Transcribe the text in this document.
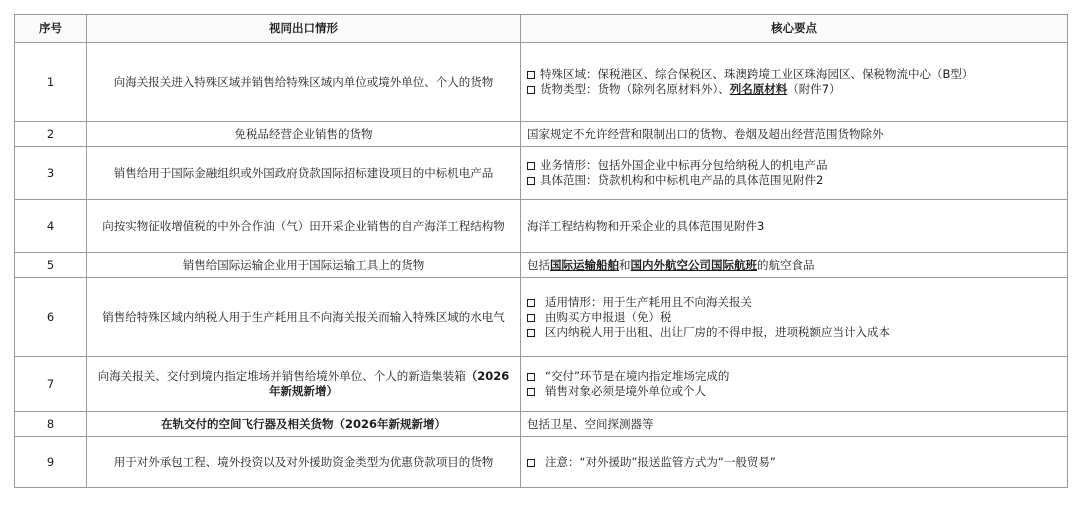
序号	视同出口情形	核心要点
1	向海关报关进入特殊区域并销售给特殊区域内单位或境外单位、个人的货物	特殊区域：保税港区、综合保税区、珠澳跨境工业区珠海园区、保税物流中心（B型）
货物类型：货物（除列名原材料外）、列名原材料（附件7）

2	免税品经营企业销售的货物	国家规定不允许经营和限制出口的货物、卷烟及超出经营范围货物除外
3	销售给用于国际金融组织或外国政府贷款国际招标建设项目的中标机电产品	业务情形：包括外国企业中标再分包给纳税人的机电产品
具体范围：贷款机构和中标机电产品的具体范围见附件2

4	向按实物征收增值税的中外合作油（气）田开采企业销售的自产海洋工程结构物	海洋工程结构物和开采企业的具体范围见附件3
5	销售给国际运输企业用于国际运输工具上的货物	包括国际运输船舶和国内外航空公司国际航班的航空食品
6	销售给特殊区域内纳税人用于生产耗用且不向海关报关而输入特殊区域的水电气	适用情形：用于生产耗用且不向海关报关
由购买方申报退（免）税
区内纳税人用于出租、出让厂房的不得申报，进项税额应当计入成本

7	向海关报关、交付到境内指定堆场并销售给境外单位、个人的新造集装箱（2026年新规新增）	“交付”环节是在境内指定堆场完成的
销售对象必须是境外单位或个人

8	在轨交付的空间飞行器及相关货物（2026年新规新增）	包括卫星、空间探测器等
9	用于对外承包工程、境外投资以及对外援助资金类型为优惠贷款项目的货物	注意：“对外援助”报送监管方式为“一般贸易”
